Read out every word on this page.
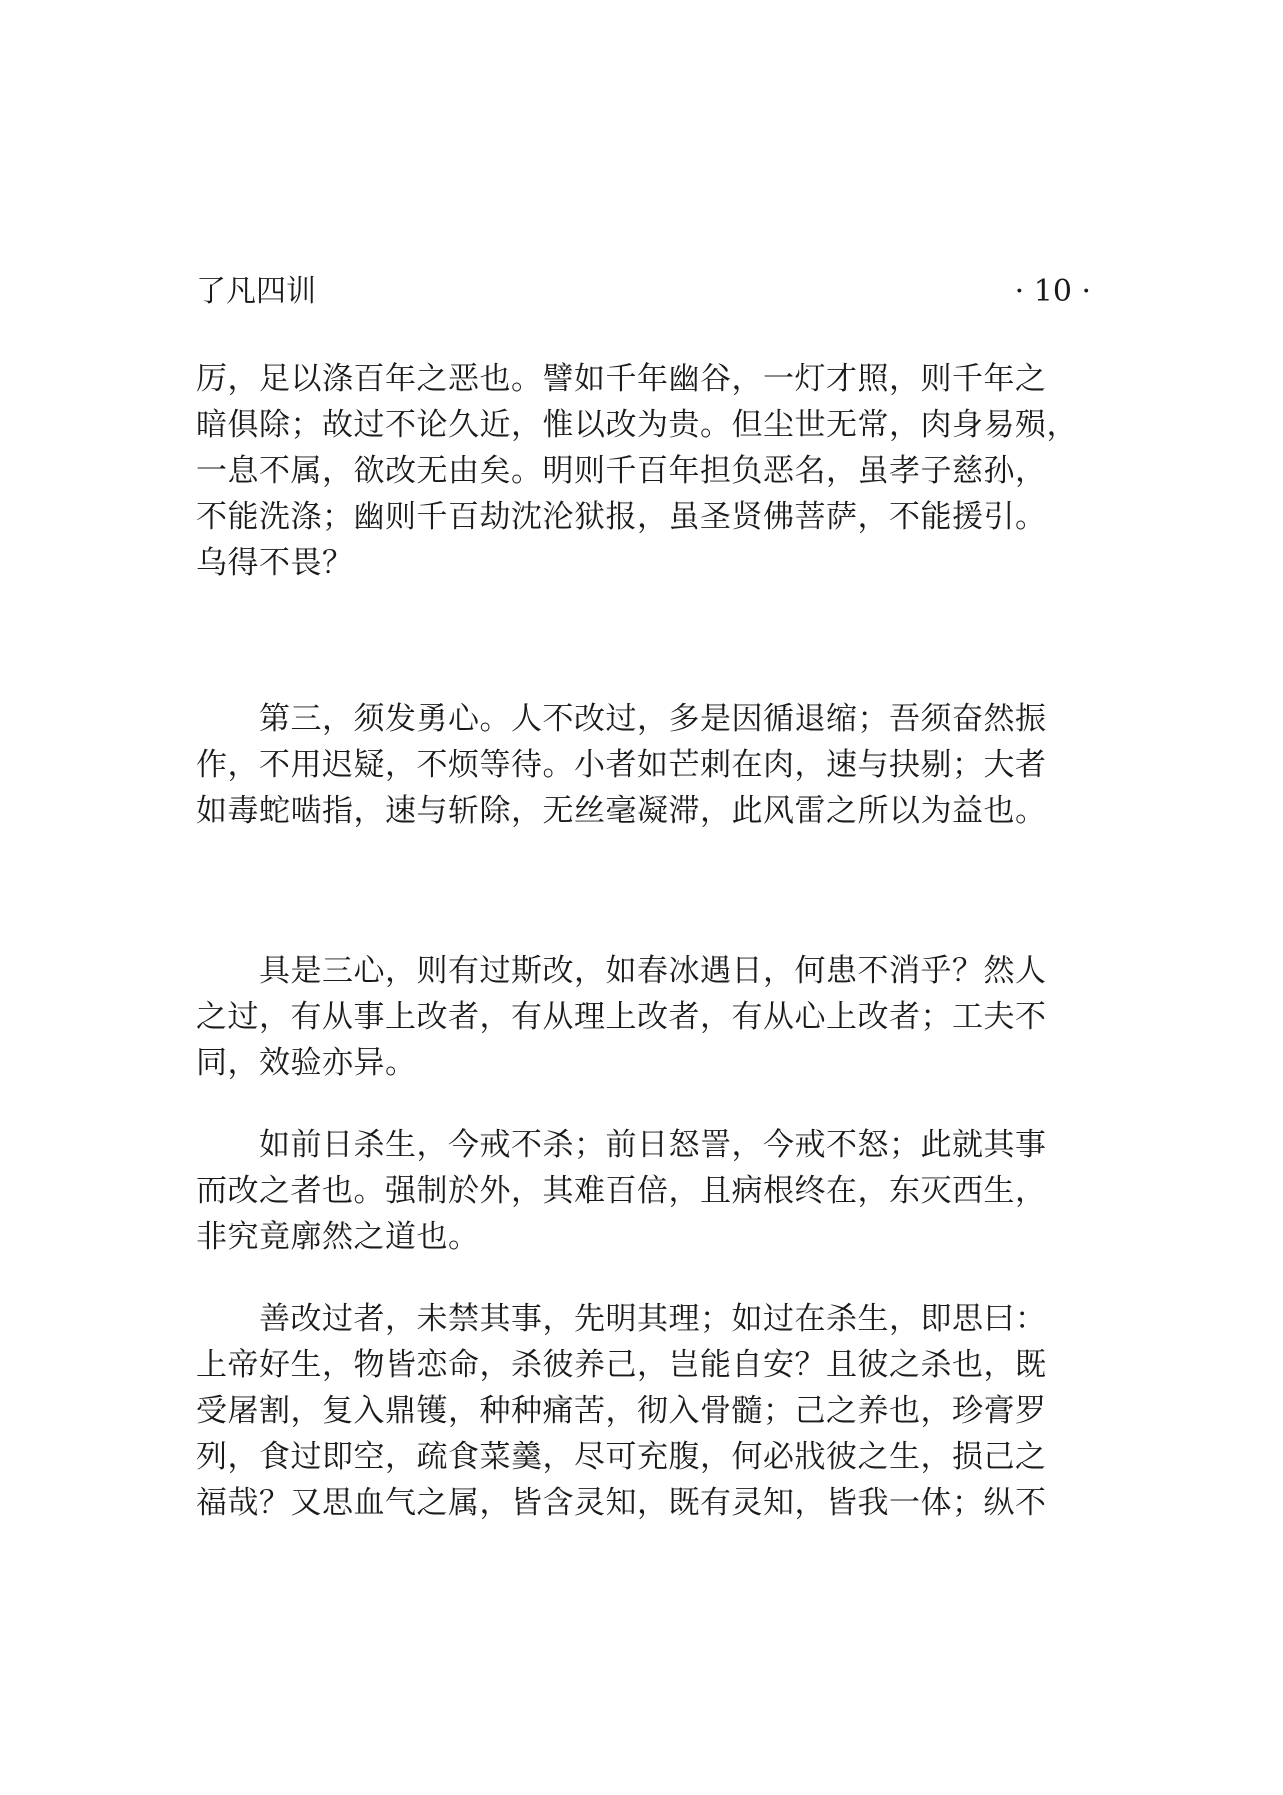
了凡四训	· 10 ·
厉，足以涤百年之恶也。譬如千年幽谷，一灯才照，则千年之
暗俱除；故过不论久近，惟以改为贵。但尘世无常，肉身易殒，
一息不属，欲改无由矣。明则千百年担负恶名，虽孝子慈孙，
不能洗涤；幽则千百劫沈沦狱报，虽圣贤佛菩萨，不能援引。
乌得不畏？
　　第三，须发勇心。人不改过，多是因循退缩；吾须奋然振
作，不用迟疑，不烦等待。小者如芒刺在肉，速与抉剔；大者
如毒蛇啮指，速与斩除，无丝毫凝滞，此风雷之所以为益也。
　　具是三心，则有过斯改，如春冰遇日，何患不消乎？然人
之过，有从事上改者，有从理上改者，有从心上改者；工夫不
同，效验亦异。
　　如前日杀生，今戒不杀；前日怒詈，今戒不怒；此就其事
而改之者也。强制於外，其难百倍，且病根终在，东灭西生，
非究竟廓然之道也。
　　善改过者，未禁其事，先明其理；如过在杀生，即思曰：
上帝好生，物皆恋命，杀彼养己，岂能自安？且彼之杀也，既
受屠割，复入鼎镬，种种痛苦，彻入骨髓；己之养也，珍膏罗
列，食过即空，疏食菜羹，尽可充腹，何必戕彼之生，损己之
福哉？又思血气之属，皆含灵知，既有灵知，皆我一体；纵不
